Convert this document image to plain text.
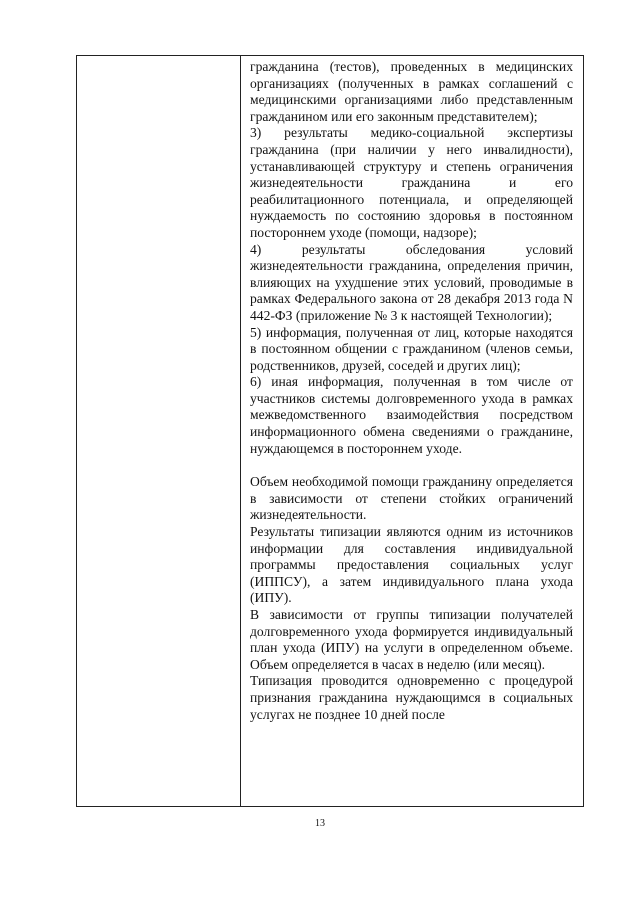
гражданина (тестов), проведенных в медицинских организациях (полученных в рамках соглашений с медицинскими организациями либо представленным гражданином или его законным представителем);

3) результаты медико-социальной экспертизы гражданина (при наличии у него инвалидности), устанавливающей структуру и степень ограничения жизнедеятельности гражданина и его реабилитационного потенциала, и определяющей нуждаемость по состоянию здоровья в постоянном постороннем уходе (помощи, надзоре);

4) результаты обследования условий жизнедеятельности гражданина, определения причин, влияющих на ухудшение этих условий, проводимые в рамках Федерального закона от 28 декабря 2013 года N 442-ФЗ (приложение № 3 к настоящей Технологии);

5) информация, полученная от лиц, которые находятся в постоянном общении с гражданином (членов семьи, родственников, друзей, соседей и других лиц);

6) иная информация, полученная в том числе от участников системы долговременного ухода в рамках межведомственного взаимодействия посредством информационного обмена сведениями о гражданине, нуждающемся в постороннем уходе.

Объем необходимой помощи гражданину определяется в зависимости от степени стойких ограничений жизнедеятельности.

Результаты типизации являются одним из источников информации для составления индивидуальной программы предоставления социальных услуг (ИППСУ), а затем индивидуального плана ухода (ИПУ).

В зависимости от группы типизации получателей долговременного ухода формируется индивидуальный план ухода (ИПУ) на услуги в определенном объеме. Объем определяется в часах в неделю (или месяц).

Типизация проводится одновременно с процедурой признания гражданина нуждающимся в социальных услугах не позднее 10 дней после

13
